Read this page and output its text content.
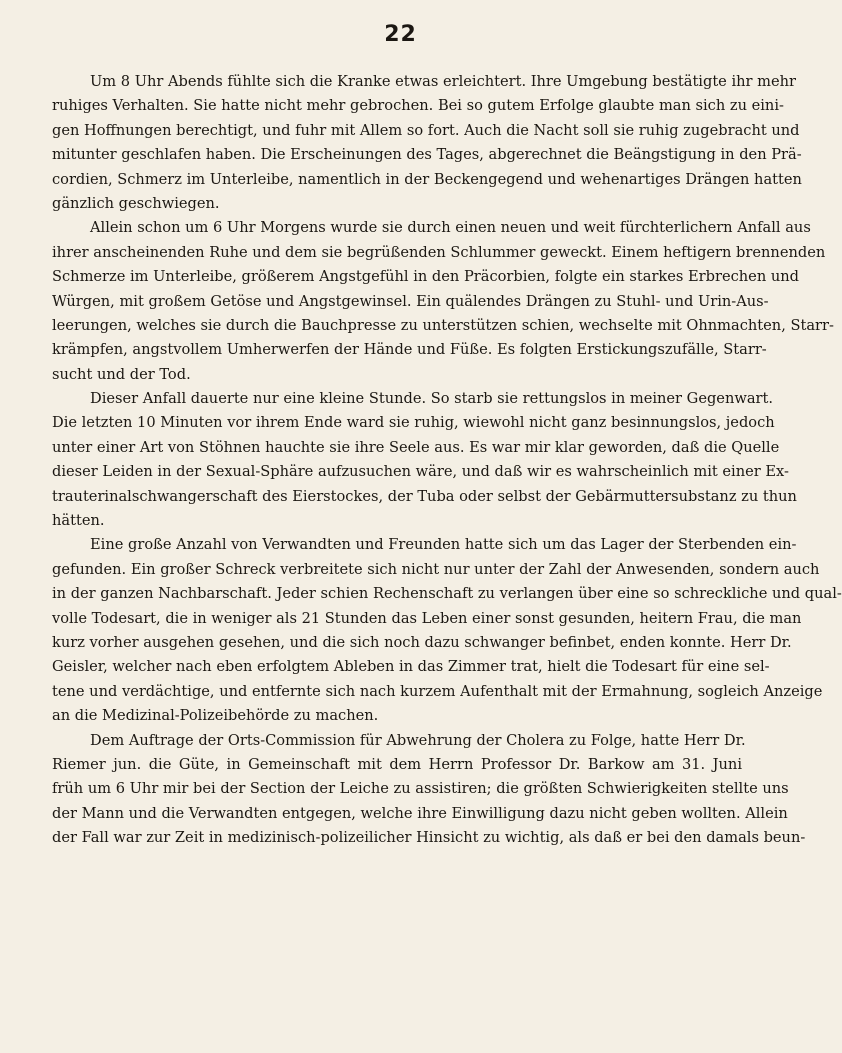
22
Um 8 Uhr Abends fühlte sich die Kranke etwas erleichtert. Ihre Umgebung bestätigte ihr mehr
ruhiges Verhalten. Sie hatte nicht mehr gebrochen. Bei so gutem Erfolge glaubte man sich zu eini-
gen Hoffnungen berechtigt, und fuhr mit Allem so fort. Auch die Nacht soll sie ruhig zugebracht und
mitunter geschlafen haben. Die Erscheinungen des Tages, abgerechnet die Beängstigung in den Prä-
cordien, Schmerz im Unterleibe, namentlich in der Beckengegend und wehenartiges Drängen hatten
gänzlich geschwiegen.
Allein schon um 6 Uhr Morgens wurde sie durch einen neuen und weit fürchterlichern Anfall aus
ihrer anscheinenden Ruhe und dem sie begrüßenden Schlummer geweckt. Einem heftigern brennenden
Schmerze im Unterleibe, größerem Angstgefühl in den Präcorbien, folgte ein starkes Erbrechen und
Würgen, mit großem Getöse und Angstgewinsel. Ein quälendes Drängen zu Stuhl- und Urin-Aus-
leerungen, welches sie durch die Bauchpresse zu unterstützen schien, wechselte mit Ohnmachten, Starr-
krämpfen, angstvollem Umherwerfen der Hände und Füße. Es folgten Erstickungszufälle, Starr-
sucht und der Tod.
Dieser Anfall dauerte nur eine kleine Stunde. So starb sie rettungslos in meiner Gegenwart.
Die letzten 10 Minuten vor ihrem Ende ward sie ruhig, wiewohl nicht ganz besinnungslos, jedoch
unter einer Art von Stöhnen hauchte sie ihre Seele aus. Es war mir klar geworden, daß die Quelle
dieser Leiden in der Sexual-Sphäre aufzusuchen wäre, und daß wir es wahrscheinlich mit einer Ex-
trauterinalschwangerschaft des Eierstockes, der Tuba oder selbst der Gebärmuttersubstanz zu thun
hätten.
Eine große Anzahl von Verwandten und Freunden hatte sich um das Lager der Sterbenden ein-
gefunden. Ein großer Schreck verbreitete sich nicht nur unter der Zahl der Anwesenden, sondern auch
in der ganzen Nachbarschaft. Jeder schien Rechenschaft zu verlangen über eine so schreckliche und qual-
volle Todesart, die in weniger als 21 Stunden das Leben einer sonst gesunden, heitern Frau, die man
kurz vorher ausgehen gesehen, und die sich noch dazu schwanger befinbet, enden konnte. Herr Dr.
Geisler, welcher nach eben erfolgtem Ableben in das Zimmer trat, hielt die Todesart für eine sel-
tene und verdächtige, und entfernte sich nach kurzem Aufenthalt mit der Ermahnung, sogleich Anzeige
an die Medizinal-Polizeibehörde zu machen.
Dem Auftrage der Orts-Commission für Abwehrung der Cholera zu Folge, hatte Herr Dr.
Riemer jun. die Güte, in Gemeinschaft mit dem Herrn Professor Dr. Barkow am 31. Juni
früh um 6 Uhr mir bei der Section der Leiche zu assistiren; die größten Schwierigkeiten stellte uns
der Mann und die Verwandten entgegen, welche ihre Einwilligung dazu nicht geben wollten. Allein
der Fall war zur Zeit in medizinisch-polizeilicher Hinsicht zu wichtig, als daß er bei den damals beun-
